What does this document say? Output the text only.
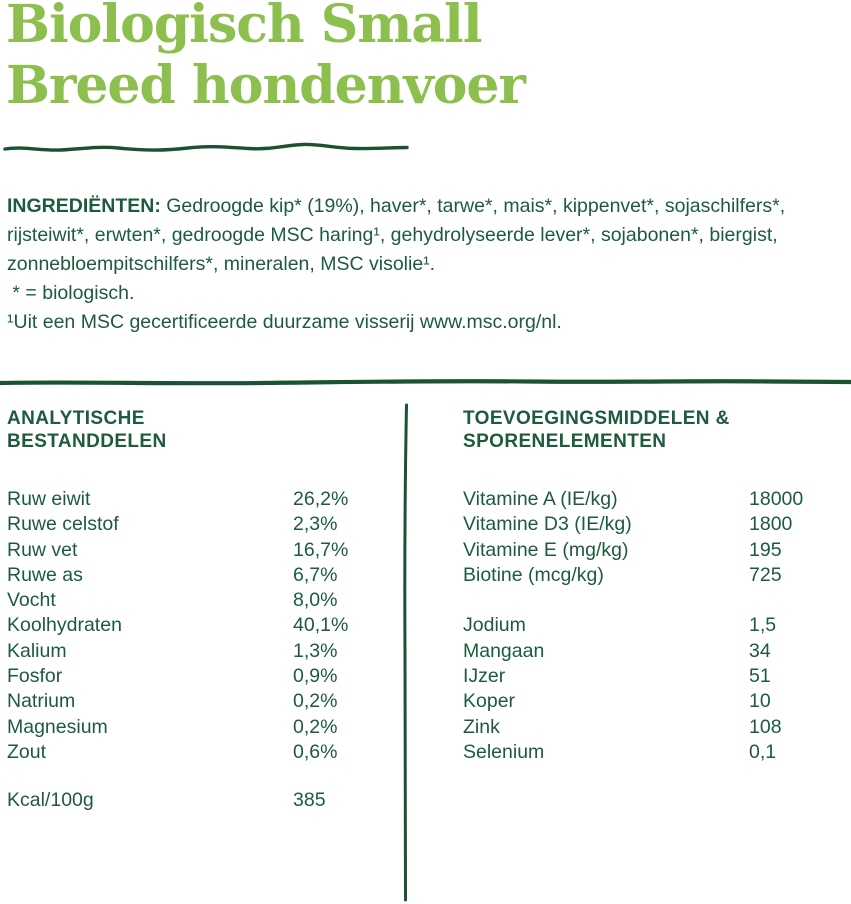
Biologisch Small
Breed hondenvoer

INGREDIËNTEN: Gedroogde kip* (19%), haver*, tarwe*, mais*, kippenvet*, sojaschilfers*, rijsteiwit*, erwten*, gedroogde MSC haring¹, gehydrolyseerde lever*, sojabonen*, biergist, zonnebloempitschilfers*, mineralen, MSC visolie¹.

* = biologisch.
¹Uit een MSC gecertificeerde duurzame visserij www.msc.org/nl.
ANALYTISCHE
BESTANDDELEN
Ruw eiwit	26,2%
Ruwe celstof	2,3%
Ruw vet	16,7%
Ruwe as	6,7%
Vocht	8,0%
Koolhydraten	40,1%
Kalium	1,3%
Fosfor	0,9%
Natrium	0,2%
Magnesium	0,2%
Zout	0,6%
Kcal/100g	385
TOEVOEGINGSMIDDELEN &
SPORENELEMENTEN
Vitamine A (IE/kg)	18000
Vitamine D3 (IE/kg)	1800
Vitamine E (mg/kg)	195
Biotine (mcg/kg)	725
Jodium	1,5
Mangaan	34
IJzer	51
Koper	10
Zink	108
Selenium	0,1
